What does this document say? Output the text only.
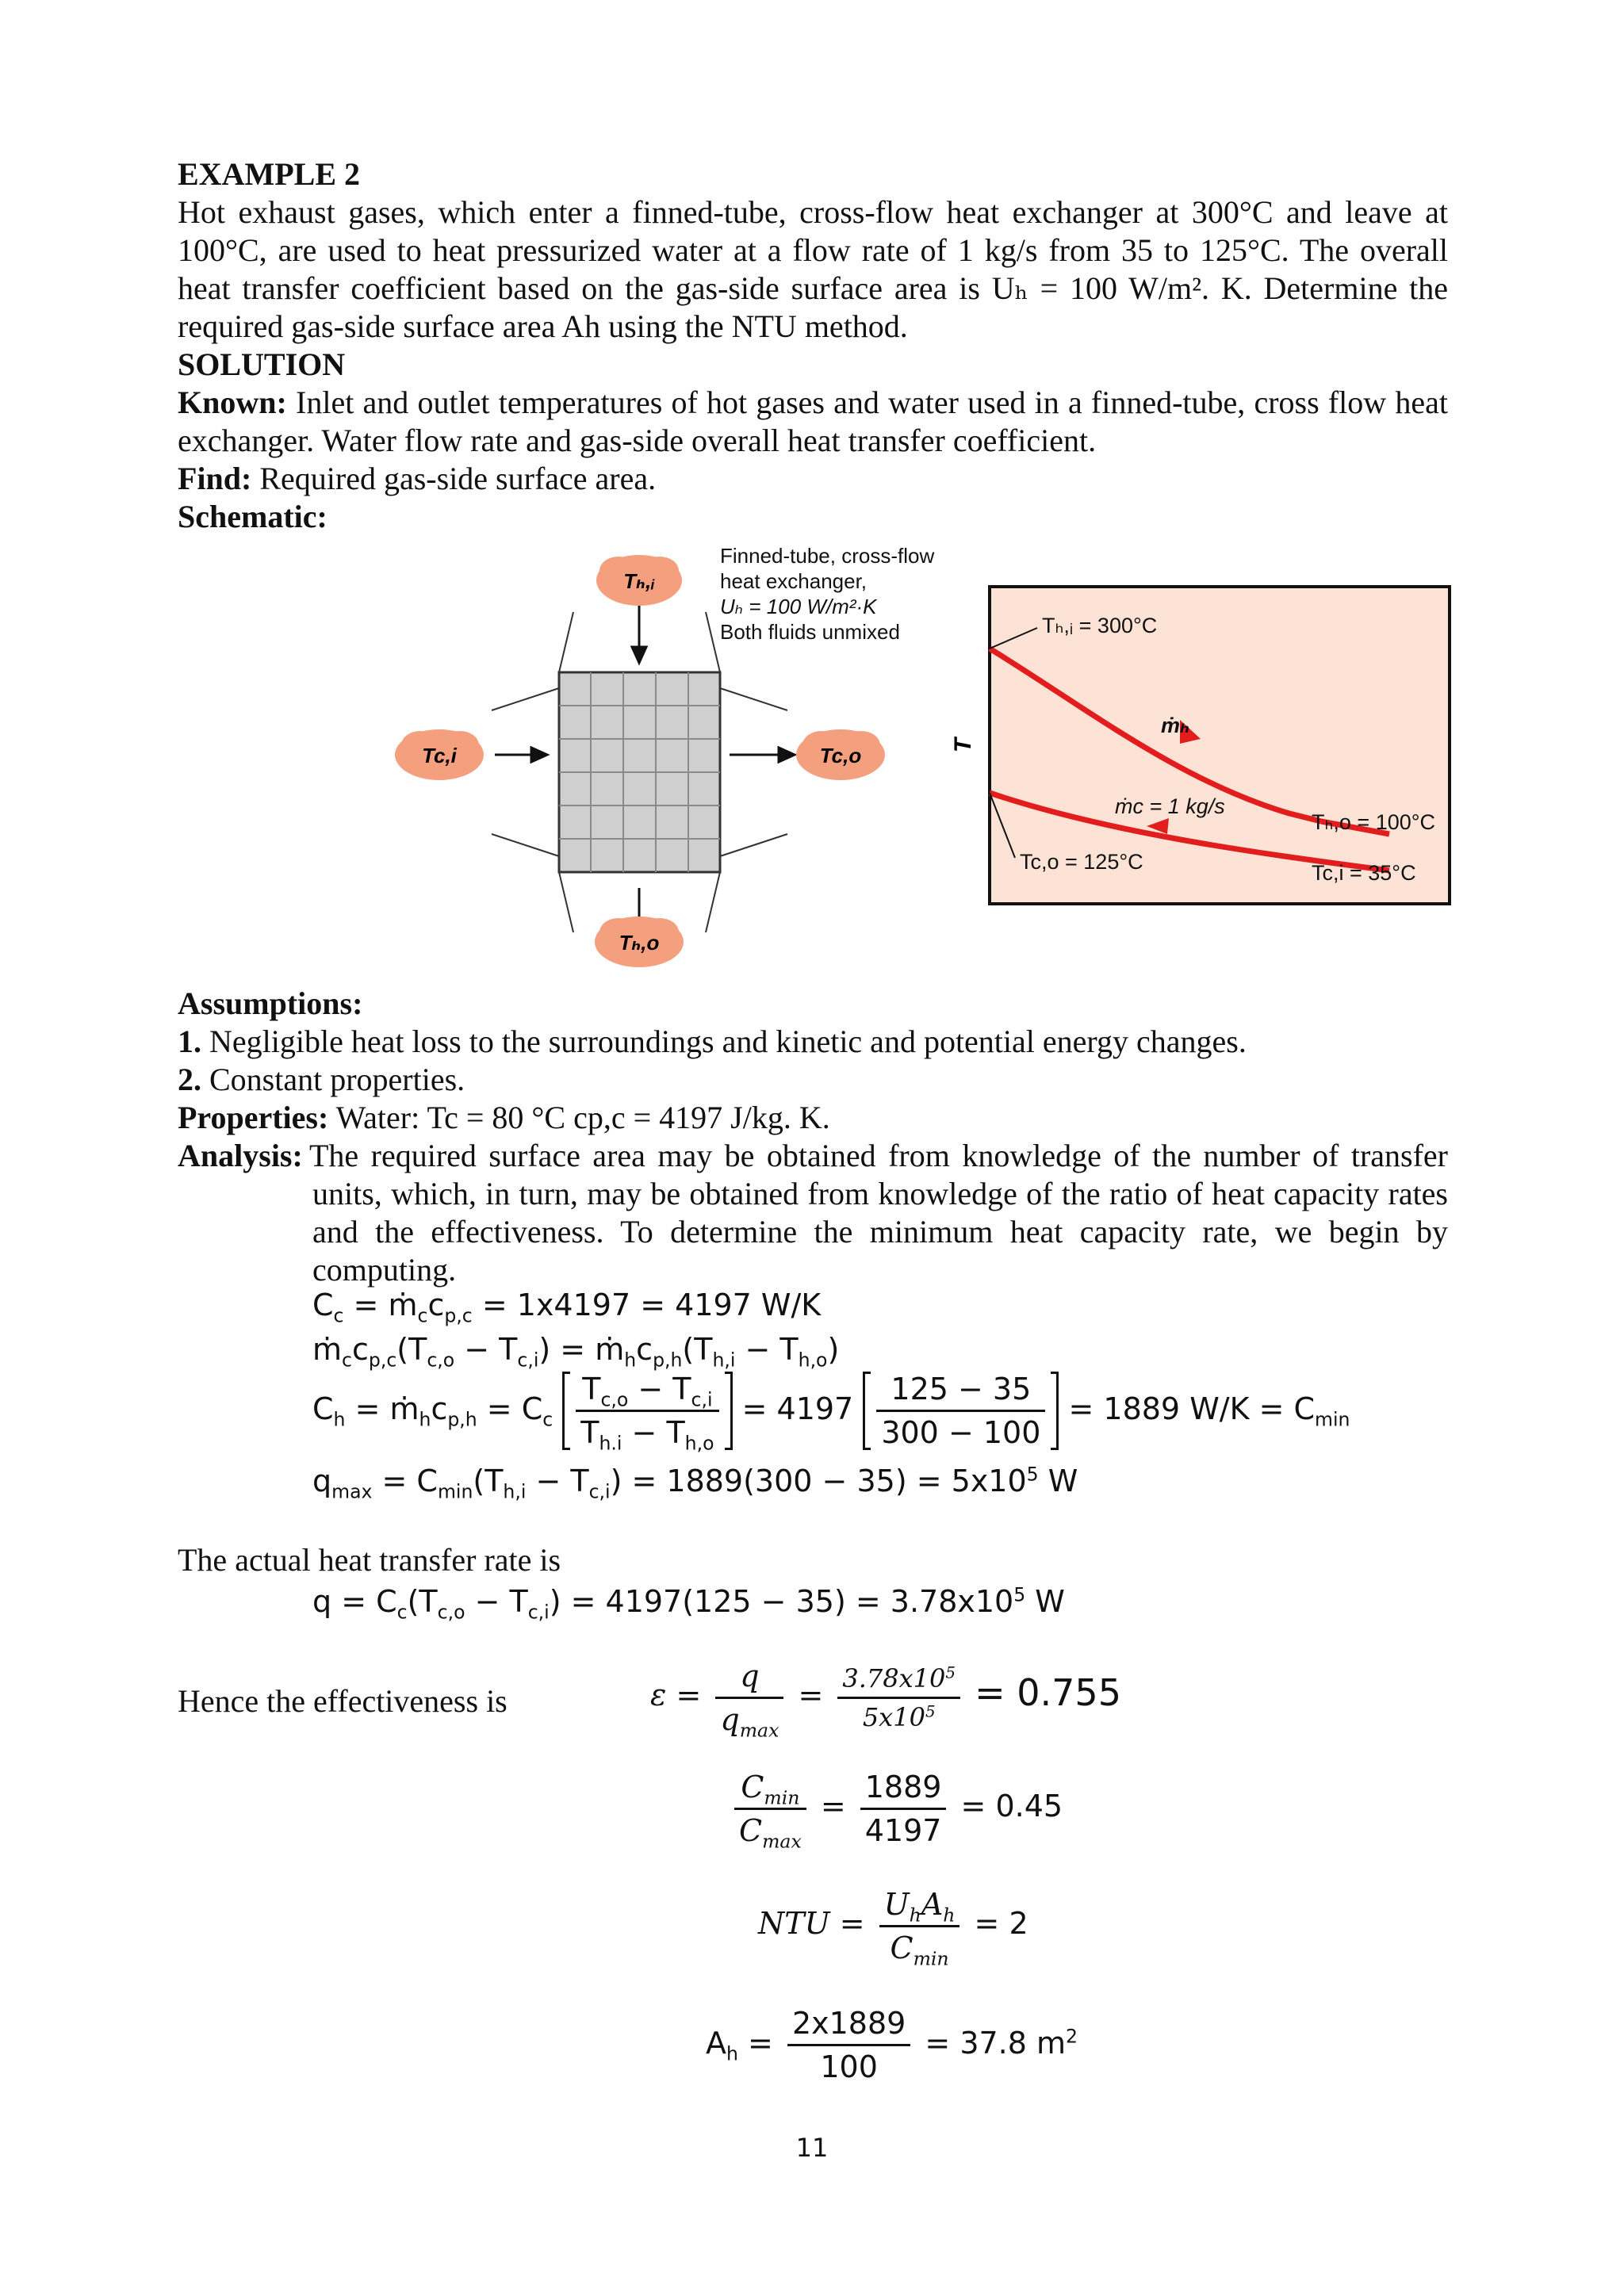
EXAMPLE 2
Hot exhaust gases, which enter a finned-tube, cross-flow heat exchanger at 300°C and leave at 100°C, are used to heat pressurized water at a flow rate of 1 kg/s from 35 to 125°C. The overall heat transfer coefficient based on the gas-side surface area is Uₕ = 100 W/m². K. Determine the required gas-side surface area Ah using the NTU method.
SOLUTION
Known: Inlet and outlet temperatures of hot gases and water used in a finned-tube, cross flow heat exchanger. Water flow rate and gas-side overall heat transfer coefficient.
Find: Required gas-side surface area.
Schematic:
Tₕ,ᵢ
Tc,i	Tc,o
Tₕ,o
Finned-tube, cross-flow
heat exchanger,
Uₕ = 100 W/m²·K
Both fluids unmixed
T
Tₕ,ᵢ = 300°C
ṁₕ
ṁc = 1 kg/s
Tc,o = 125°C
Tₕ,o = 100°C
Tc,i = 35°C
Assumptions:
1. Negligible heat loss to the surroundings and kinetic and potential energy changes.
2. Constant properties.
Properties: Water: Tc = 80 °C cp,c = 4197 J/kg. K.
Analysis: The required surface area may be obtained from knowledge of the number of transfer units, which, in turn, may be obtained from knowledge of the ratio of heat capacity rates and the effectiveness. To determine the minimum heat capacity rate, we begin by computing.
$C_c$ = $ṁ_cc_{p,c} = 1x4197 = 4197$ W/K
$ṁ_cc_{p,c}(T_{c,o} - T_{c,i})$ = $ṁ_hc_{p,h}(T_{h,i} - T_{h,o})$
$C_h$ = $ṁ_hc_{p,h} = C_c \frac{T_{c,o} - T_{c,i}}{T_{h.i} - T_{h,o}} = 4197 \frac{125 - 35}{300 - 100} = 1889$ $W/K = C_{min}$
$q_{max} = C_{min}(T_{h,i} - T_{c,i}) = 1889(300 - 35) = 5x10^5$ W
The actual heat transfer rate is
$q = C_c(T_{c,o} - T_{c,i}) = 4197(125 - 35) = 3.78x10^5$ W
Hence the effectiveness is	$\varepsilon = \frac{q}{q_{max}} = \frac{3.78x10^5}{5x10^5} = 0.755$
$\frac{C_{min}}{C_{max}} = \frac{1889}{4197} = 0.45$
NTU = $\frac{U_hA_h}{C_{min}} = 2$
$A_h = \frac{2x1889}{100} = 37.8$ $m^2$
11
